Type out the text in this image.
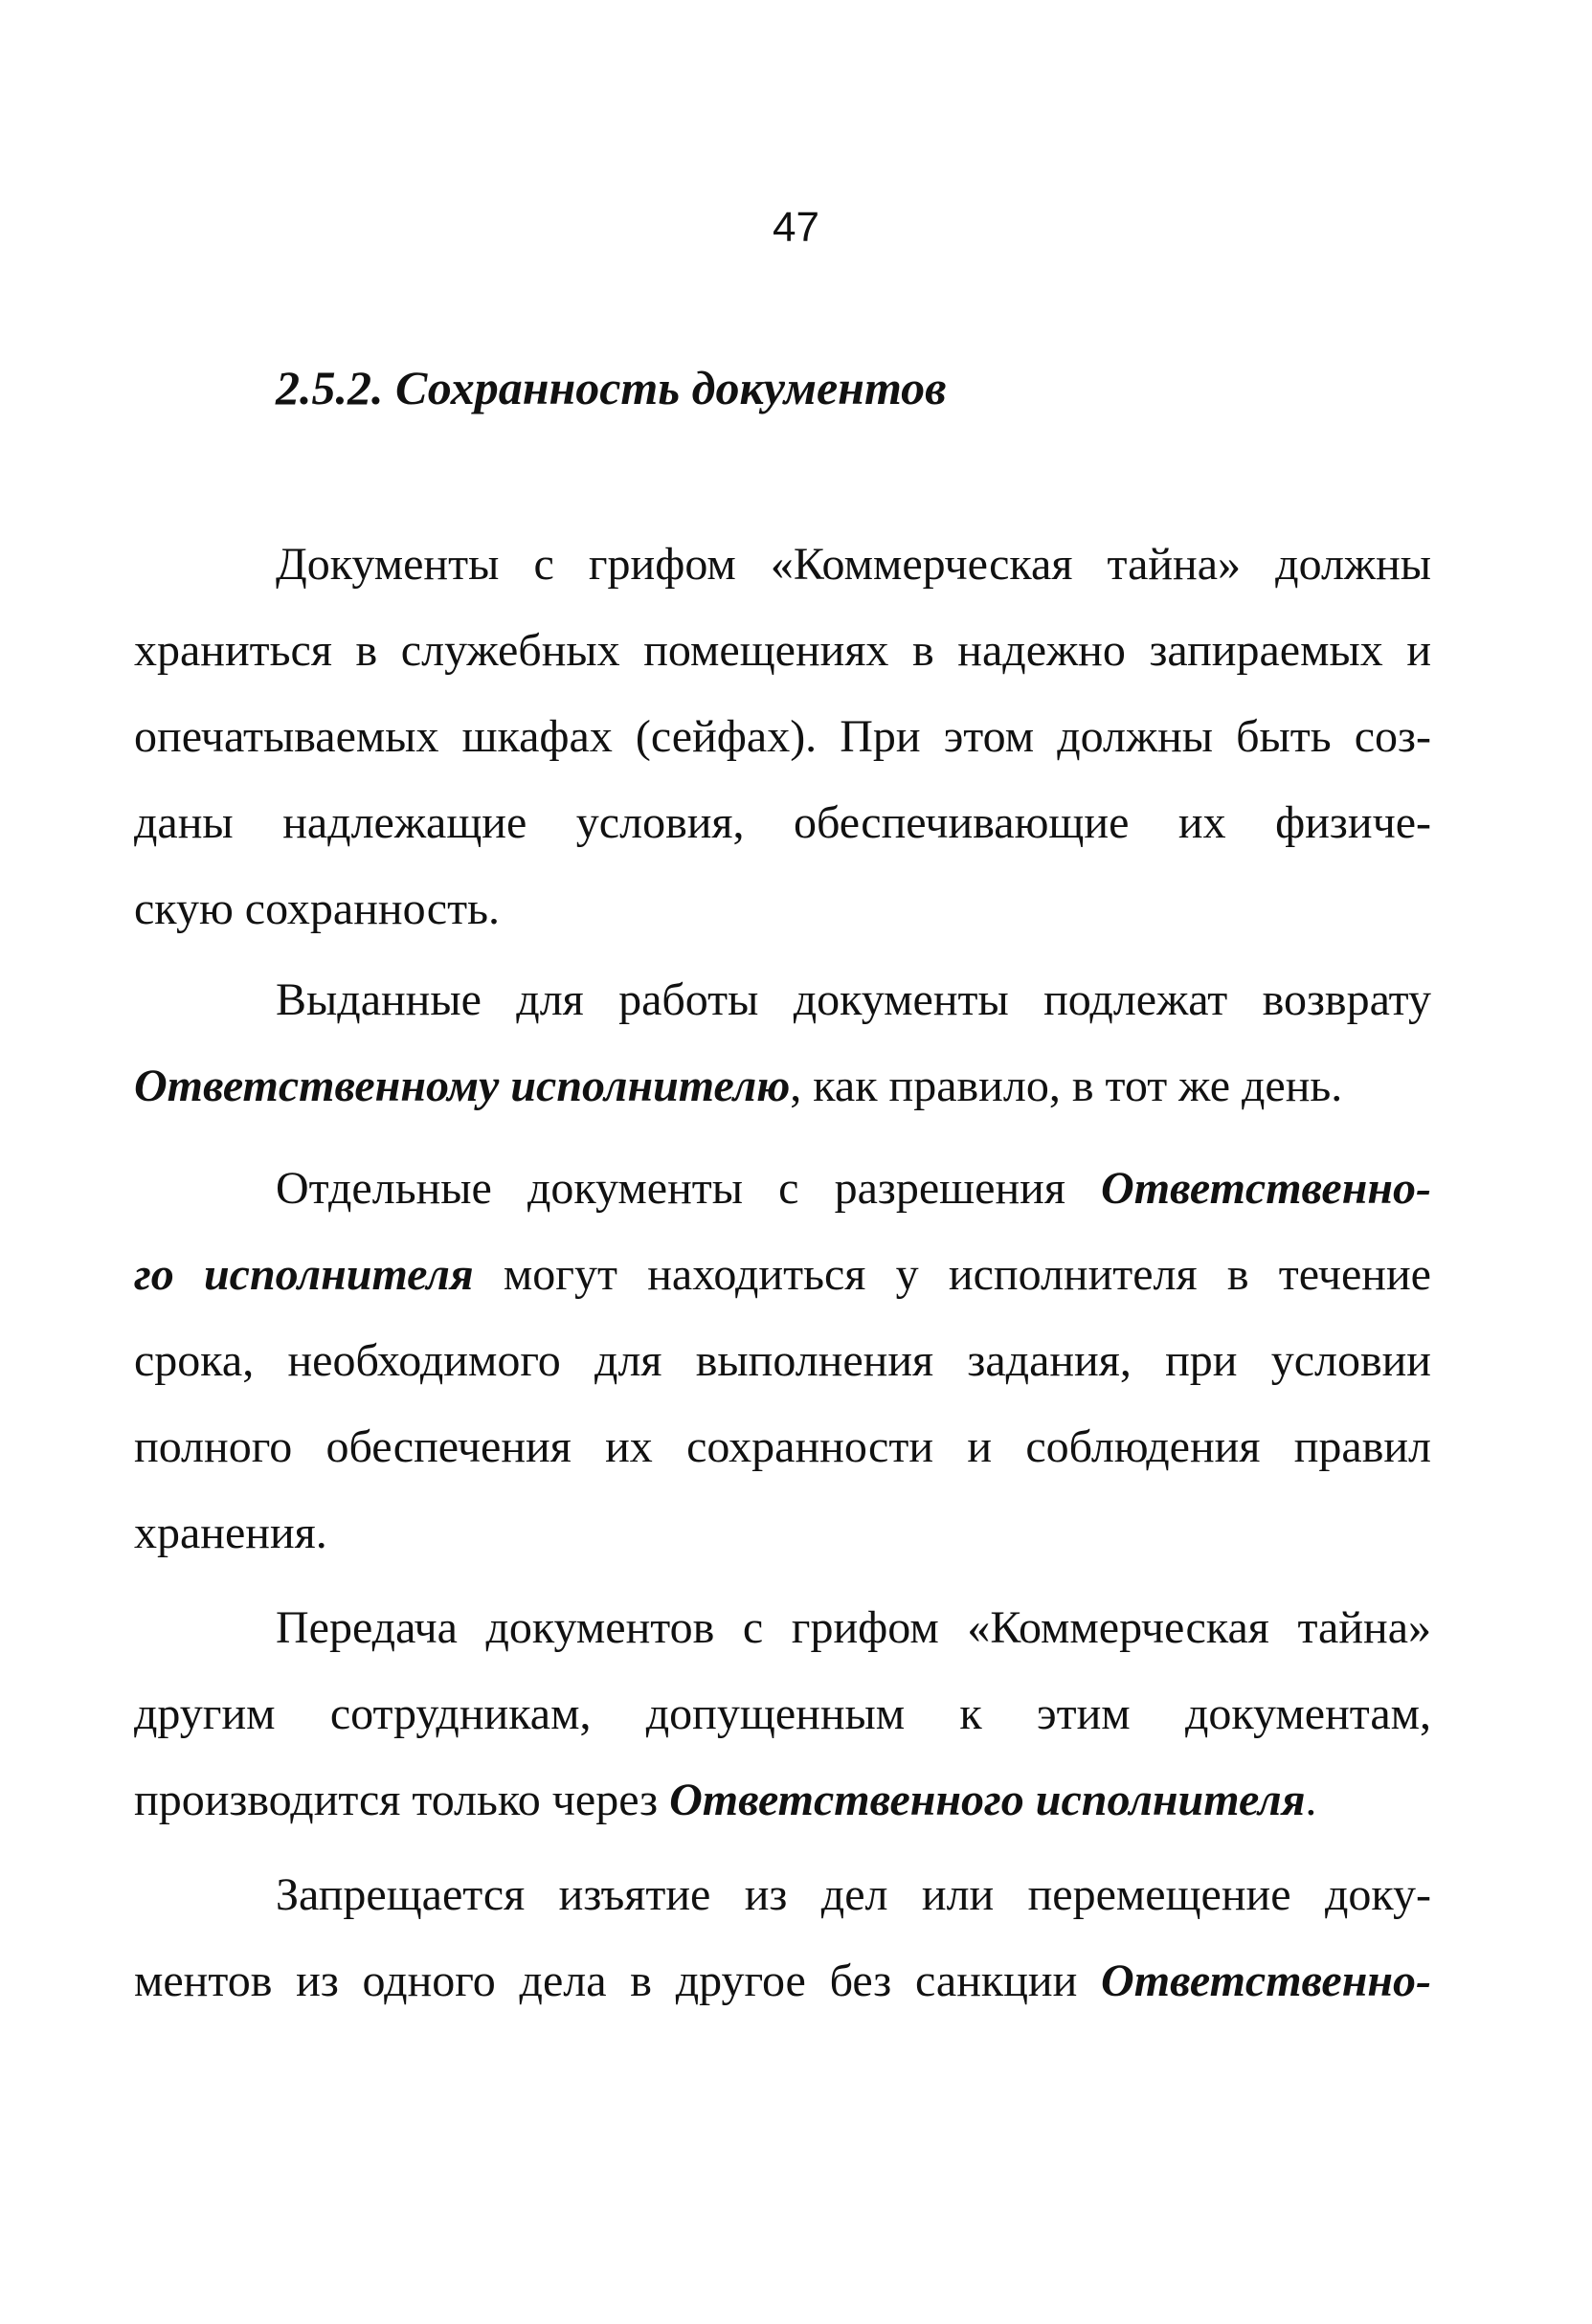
47
2.5.2. Сохранность документов
Документы с грифом «Коммерческая тайна» должны
храниться в служебных помещениях в надежно запираемых и
опечатываемых шкафах (сейфах). При этом должны быть соз-
даны надлежащие условия, обеспечивающие их физиче-
скую сохранность.
Выданные для работы документы подлежат возврату
Ответственному исполнителю, как правило, в тот же день.
Отдельные документы с разрешения Ответственно-
го исполнителя могут находиться у исполнителя в течение
срока, необходимого для выполнения задания, при условии
полного обеспечения их сохранности и соблюдения правил
хранения.
Передача документов с грифом «Коммерческая тайна»
другим сотрудникам, допущенным к этим документам,
производится только через Ответственного исполнителя.
Запрещается изъятие из дел или перемещение доку-
ментов из одного дела в другое без санкции Ответственно-
